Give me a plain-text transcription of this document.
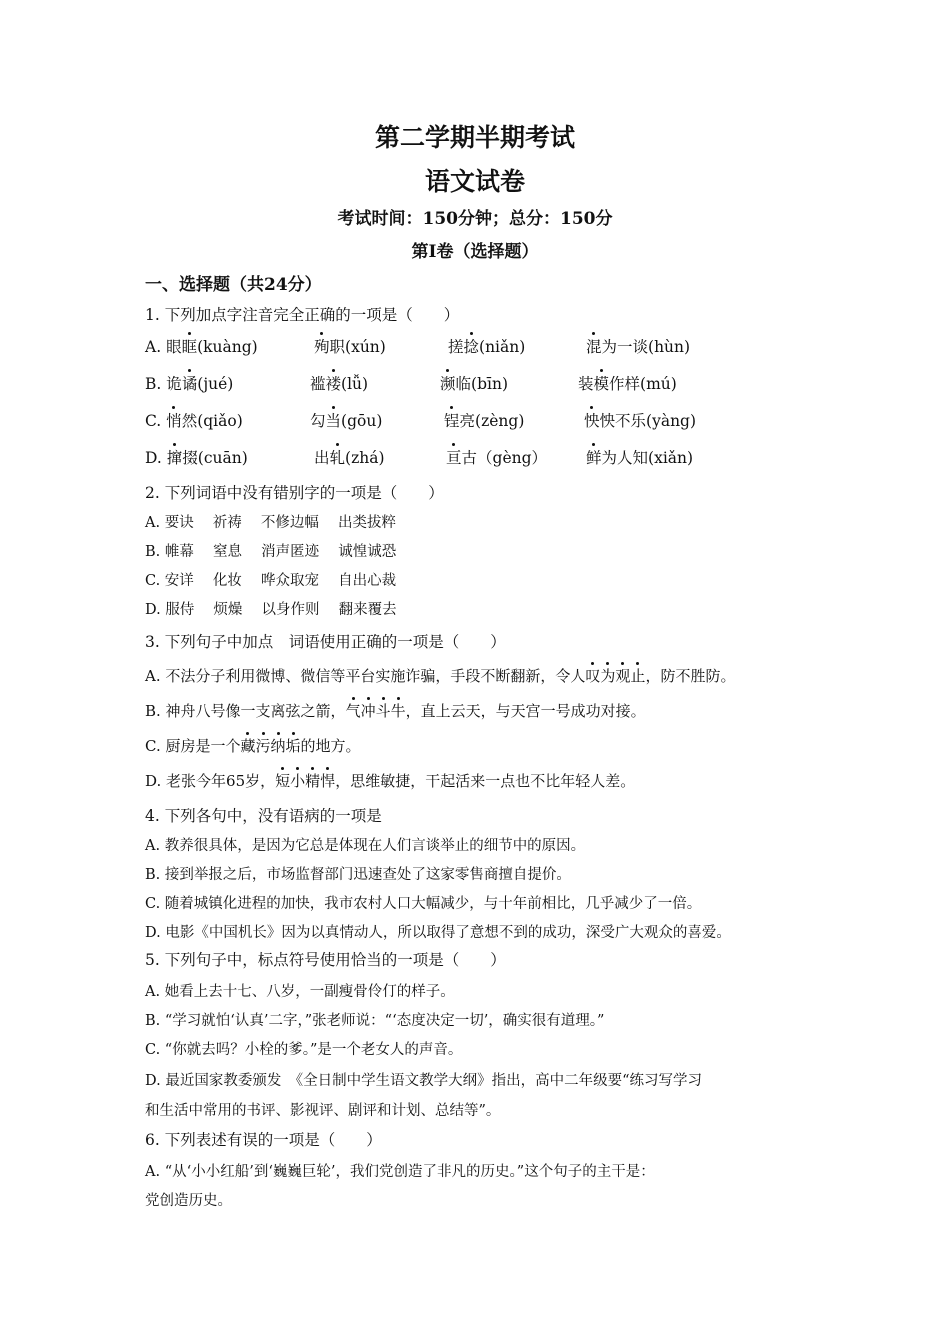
第二学期半期考试
语文试卷
考试时间：150分钟；总分：150分
第Ⅰ卷（选择题）
一、选择题（共24分）
1. 下列加点字注音完全正确的一项是（　　）
A. 眼眶(kuàng)	殉职(xún)	搓捻(niǎn)	混为一谈(hùn)
B. 诡谲(jué)	褴褛(lǚ)	濒临(bīn)	装模作样(mú)
C. 悄然(qiǎo)	勾当(gōu)	锃亮(zèng)	怏怏不乐(yàng)
D. 撺掇(cuān)	出轧(zhá)	亘古（gèng）	鲜为人知(xiǎn)
2. 下列词语中没有错别字的一项是（　　）
A. 要诀　 祈祷　 不修边幅　 出类拔粹
B. 帷幕　 窒息　 消声匿迹　 诚惶诚恐
C. 安详　 化妆　 哗众取宠　 自出心裁
D. 服侍　 烦燥　 以身作则　 翻来覆去
3. 下列句子中加点　词语使用正确的一项是（　　）
A. 不法分子利用微博、微信等平台实施诈骗，手段不断翻新，令人叹为观止，防不胜防。
B. 神舟八号像一支离弦之箭，气冲斗牛，直上云天，与天宫一号成功对接。
C. 厨房是一个藏污纳垢的地方。
D. 老张今年65岁，短小精悍，思维敏捷，干起活来一点也不比年轻人差。
4. 下列各句中，没有语病的一项是
A. 教养很具体，是因为它总是体现在人们言谈举止的细节中的原因。
B. 接到举报之后，市场监督部门迅速查处了这家零售商擅自提价。
C. 随着城镇化进程的加快，我市农村人口大幅减少，与十年前相比，几乎减少了一倍。
D. 电影《中国机长》因为以真情动人，所以取得了意想不到的成功，深受广大观众的喜爱。
5. 下列句子中，标点符号使用恰当的一项是（　　）
A. 她看上去十七、八岁，一副瘦骨伶仃的样子。
B. “学习就怕‘认真’二字，”张老师说：“‘态度决定一切’，确实很有道理。”
C. “你就去吗？小栓的爹。”是一个老女人的声音。
D. 最近国家教委颁发　《全日制中学生语文教学大纲》指出，高中二年级要“练习写学习
和生活中常用的书评、影视评、剧评和计划、总结等”。
6. 下列表述有误的一项是（　　）
A. “从‘小小红船’到‘巍巍巨轮’，我们党创造了非凡的历史。”这个句子的主干是：
党创造历史。
